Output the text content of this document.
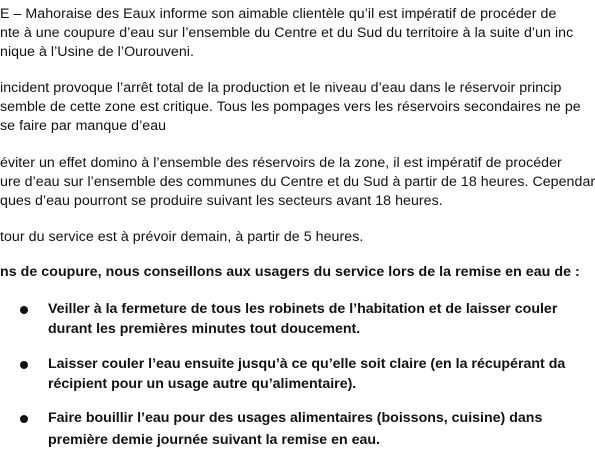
E – Mahoraise des Eaux informe son aimable clientèle qu’il est impératif de procéder de

nte à une coupure d’eau sur l’ensemble du Centre et du Sud du territoire à la suite d’un inc

nique à l’Usine de l’Ourouveni.

incident provoque l’arrêt total de la production et le niveau d’eau dans le réservoir princip

semble de cette zone est critique. Tous les pompages vers les réservoirs secondaires ne pe

se faire par manque d’eau

éviter un effet domino à l’ensemble des réservoirs de la zone, il est impératif de procéder

ure d’eau sur l’ensemble des communes du Centre et du Sud à partir de 18 heures. Cependar

ques d’eau pourront se produire suivant les secteurs avant 18 heures.

tour du service est à prévoir demain, à partir de 5 heures.

ns de coupure, nous conseillons aux usagers du service lors de la remise en eau de :

Veiller à la fermeture de tous les robinets de l’habitation et de laisser couler

durant les premières minutes tout doucement.

Laisser couler l’eau ensuite jusqu’à ce qu’elle soit claire (en la récupérant da

récipient pour un usage autre qu’alimentaire).

Faire bouillir l’eau pour des usages alimentaires (boissons, cuisine) dans

première demie journée suivant la remise en eau.
